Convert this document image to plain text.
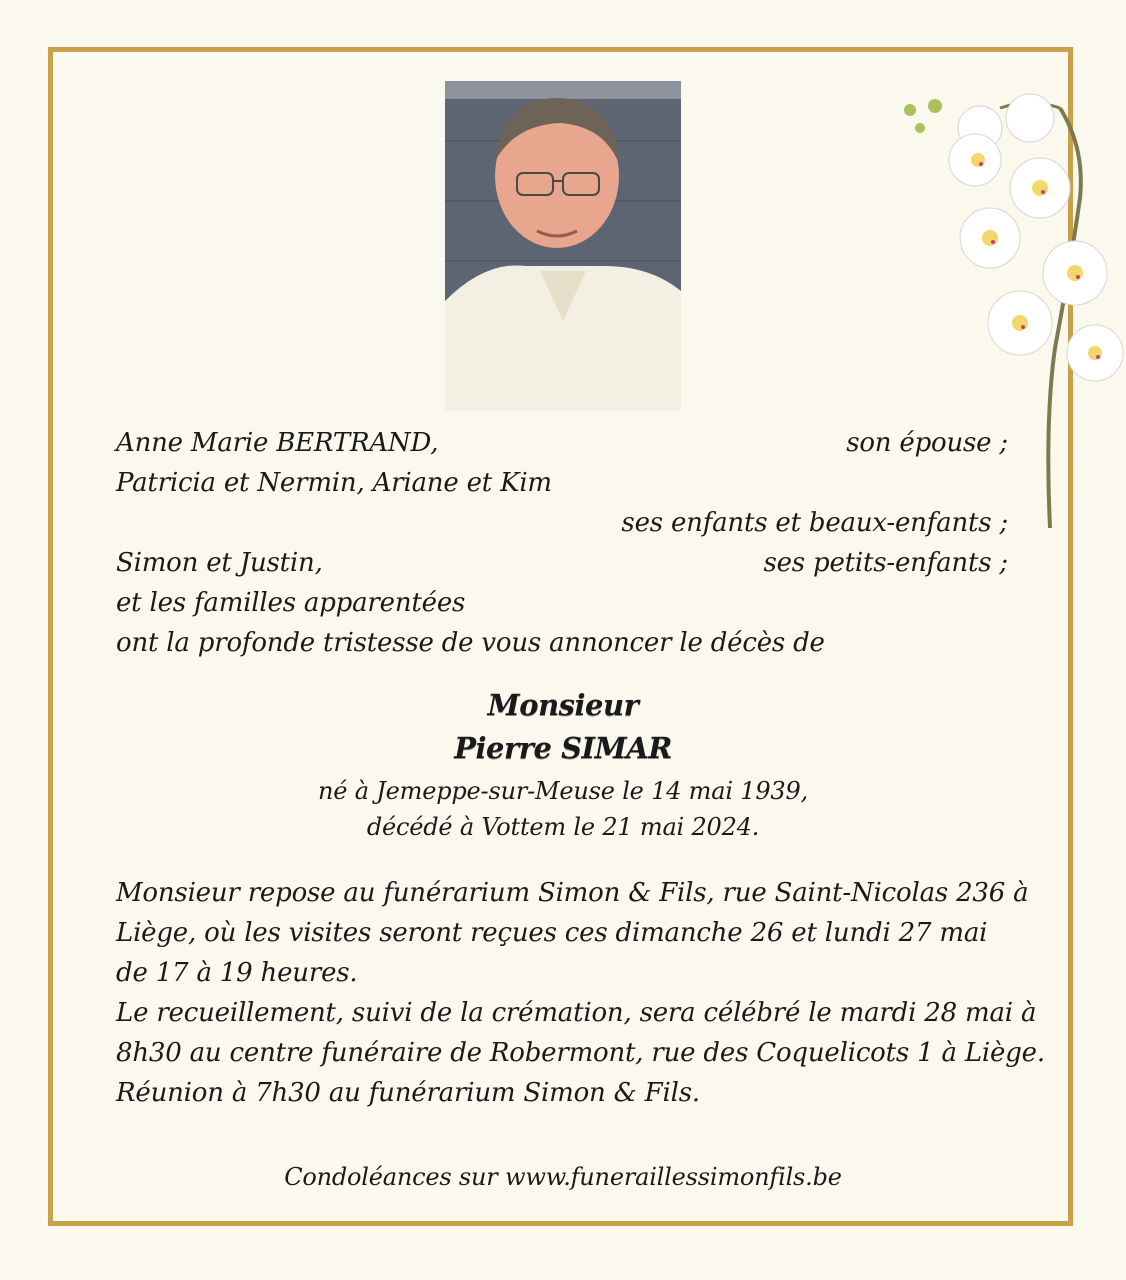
Anne Marie BERTRAND,	son épouse ;
Patricia et Nermin, Ariane et Kim
ses enfants et beaux-enfants ;
Simon et Justin,	ses petits-enfants ;
et les familles apparentées
ont la profonde tristesse de vous annoncer le décès de
Monsieur
Pierre SIMAR
né à Jemeppe-sur-Meuse le 14 mai 1939,
décédé à Vottem le 21 mai 2024.
Monsieur repose au funérarium Simon & Fils, rue Saint-Nicolas 236 à
Liège, où les visites seront reçues ces dimanche 26 et lundi 27 mai
de 17 à 19 heures.
Le recueillement, suivi de la crémation, sera célébré le mardi 28 mai à
8h30 au centre funéraire de Robermont, rue des Coquelicots 1 à Liège.
Réunion à 7h30 au funérarium Simon & Fils.
Condoléances sur www.funeraillessimonfils.be
